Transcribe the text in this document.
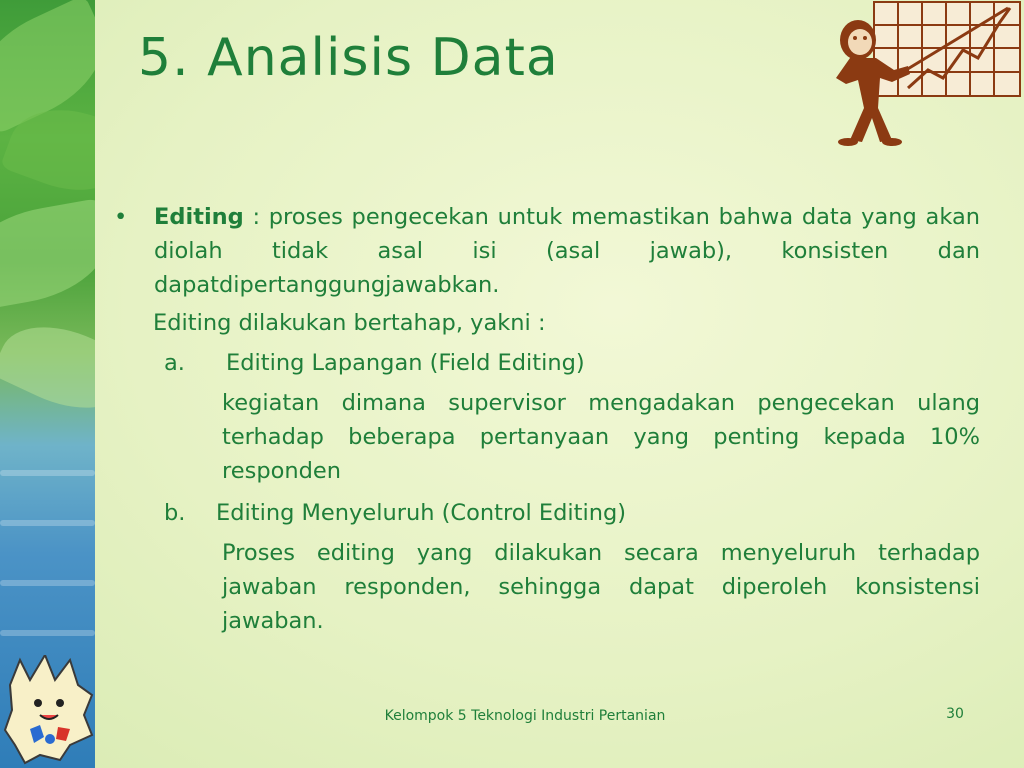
5. Analisis Data
•	Editing : proses pengecekan untuk memastikan bahwa data yang akan diolah tidak asal isi (asal jawab), konsisten dan dapatdipertanggungjawabkan.
Editing dilakukan bertahap, yakni :
a.	Editing Lapangan (Field Editing)
kegiatan dimana supervisor mengadakan pengecekan ulang terhadap beberapa pertanyaan yang penting kepada 10% responden
b.	Editing Menyeluruh (Control Editing)
Proses editing yang dilakukan secara menyeluruh terhadap jawaban responden, sehingga dapat diperoleh konsistensi jawaban.
Kelompok 5 Teknologi Industri Pertanian	30
